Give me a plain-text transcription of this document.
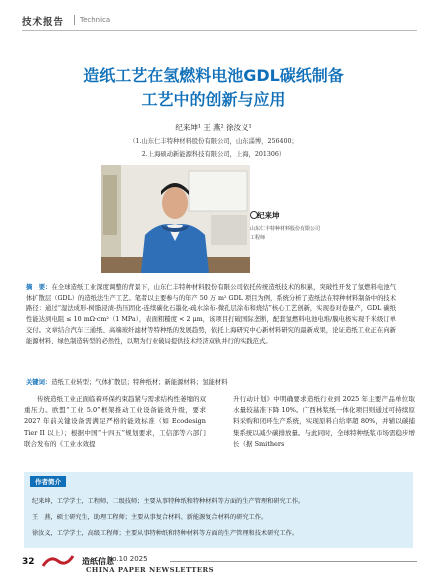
技术报告 Technica
造纸工艺在氢燃料电池GDL碳纸制备
工艺中的创新与应用
纪来坤¹ 王 燕² 徐汝义¹
（1.山东仁丰特种材料股份有限公司，山东淄博，256400；
2.上海硕动新能源科技有限公司，上海，201306）
纪来坤
山东仁丰特种材料股份有限公司
工程师
摘　要：在全球造纸工业深度调整的背景下，山东仁丰特种材料股份有限公司依托传统造纸技术的积累，突破性开发了氢燃料电池气体扩散层（GDL）的造纸法生产工艺。笔者以主要参与的年产 50 万 m² GDL 项目为例，系统分析了造纸法在特种材料制备中的技术路径：通过“湿法成形-树脂浸渍-热压固化-连续碳化石墨化-疏水涂布-微孔层涂布和烧结”核心工艺创新，实现卷对卷量产，GDL 碳纸性能达到电阻 ≤ 10 mΩ·cm²（1 MPa），表面粗糙度 < 2 μm，该项目打破国际垄断，配套氢燃料电池电堆/膜电极实现千米级订单交付。文章结合汽车三通纸、高端玻纤滤材等特种纸的发展趋势，依托上海研究中心新材料研究的最新成果，论证造纸工业正在向新能源材料、绿色制造转型的必然性，以期为行业破局提供技术经济双轨并行的实践范式。
关键词：造纸工业转型；气体扩散层；特种纸材；新能源材料；氢能材料
传统造纸工业正面临着环保约束趋紧与需求结构性萎缩的双重压力。欧盟“工业 5.0”框架推动工业设备能效升级，要求 2027 年前关键设备需满足严格的能效标准（如 Ecodesign Tier II 以上）；根据中国“十四五”规划要求，工信部等六部门联合发布的《工业水效提
升行动计划》中明确要求造纸行业到 2025 年主要产品单位取水量较基准下降 10%。广西林浆纸一体化项目则通过可持续原料采购和闭环生产系统，实现原料自给率超 80%，并辅以碳捕集系统以减少碳排放量。与此同时，全球特种纸浆市场需稳步增长（据 Smithers
作者简介
纪来坤，工学学士，工程师，二级技师；主要从事特种纸和特种材料等方面的生产管理和研究工作。
王　燕，硕士研究生，助理工程师；主要从事复合材料、新能源复合材料的研究工作。
徐汝义，工学学士，高级工程师；主要从事特种纸和特种材料等方面的生产管理和技术研究工作。
32	造纸信息
No.10 2025
CHINA PAPER NEWSLETTERS
